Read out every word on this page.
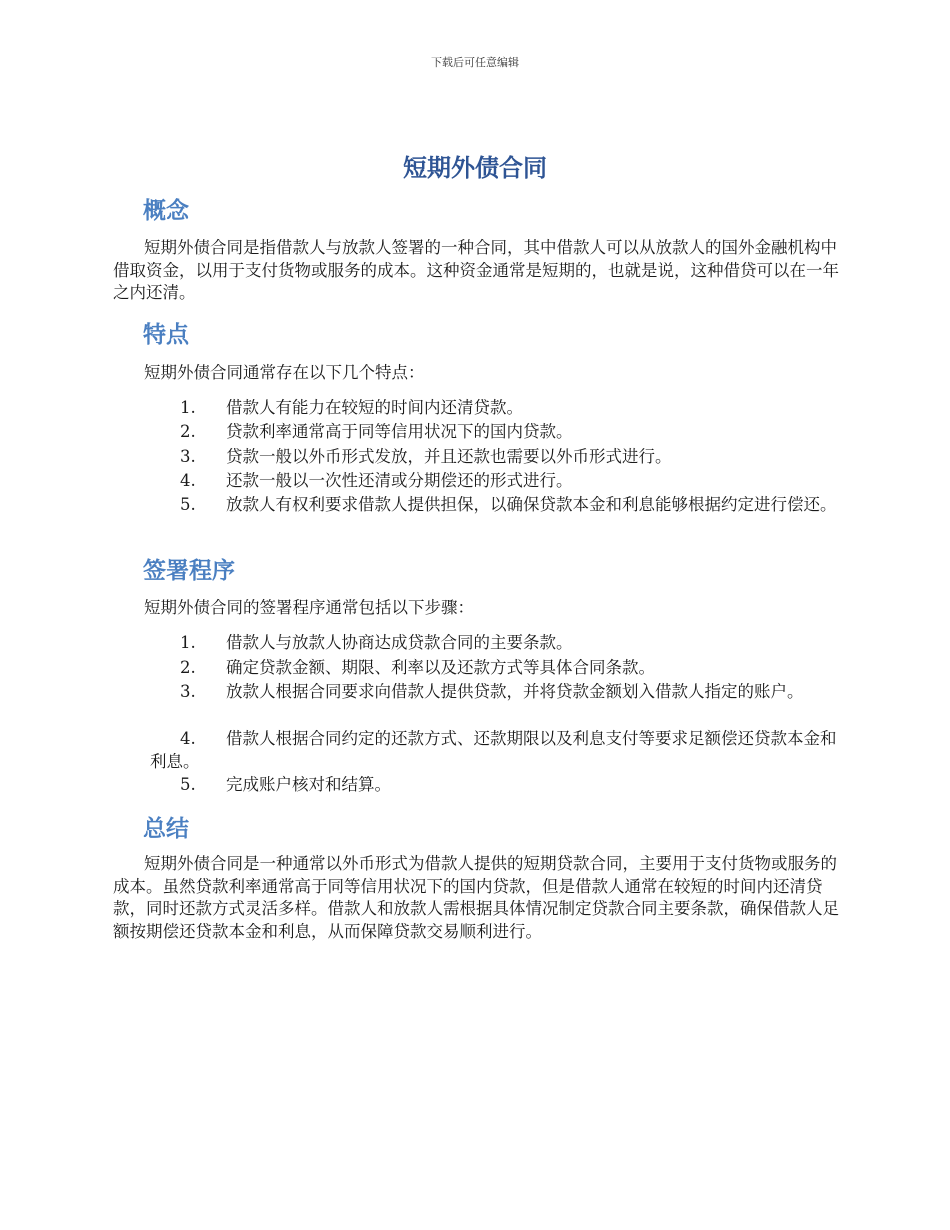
下载后可任意编辑
短期外债合同
概念

短期外债合同是指借款人与放款人签署的一种合同，其中借款人可以从放款人的国外金融机构中借取资金，以用于支付货物或服务的成本。这种资金通常是短期的，也就是说，这种借贷可以在一年之内还清。

特点

短期外债合同通常存在以下几个特点：

1. 借款人有能力在较短的时间内还清贷款。

2. 贷款利率通常高于同等信用状况下的国内贷款。

3. 贷款一般以外币形式发放，并且还款也需要以外币形式进行。

4. 还款一般以一次性还清或分期偿还的形式进行。

5. 放款人有权利要求借款人提供担保，以确保贷款本金和利息能够根据约定进行偿还。

签署程序

短期外债合同的签署程序通常包括以下步骤：

1. 借款人与放款人协商达成贷款合同的主要条款。

2. 确定贷款金额、期限、利率以及还款方式等具体合同条款。

3. 放款人根据合同要求向借款人提供贷款，并将贷款金额划入借款人指定的账户。

4. 借款人根据合同约定的还款方式、还款期限以及利息支付等要求足额偿还贷款本金和利息。

5. 完成账户核对和结算。

总结

短期外债合同是一种通常以外币形式为借款人提供的短期贷款合同，主要用于支付货物或服务的成本。虽然贷款利率通常高于同等信用状况下的国内贷款，但是借款人通常在较短的时间内还清贷款，同时还款方式灵活多样。借款人和放款人需根据具体情况制定贷款合同主要条款，确保借款人足额按期偿还贷款本金和利息，从而保障贷款交易顺利进行。
